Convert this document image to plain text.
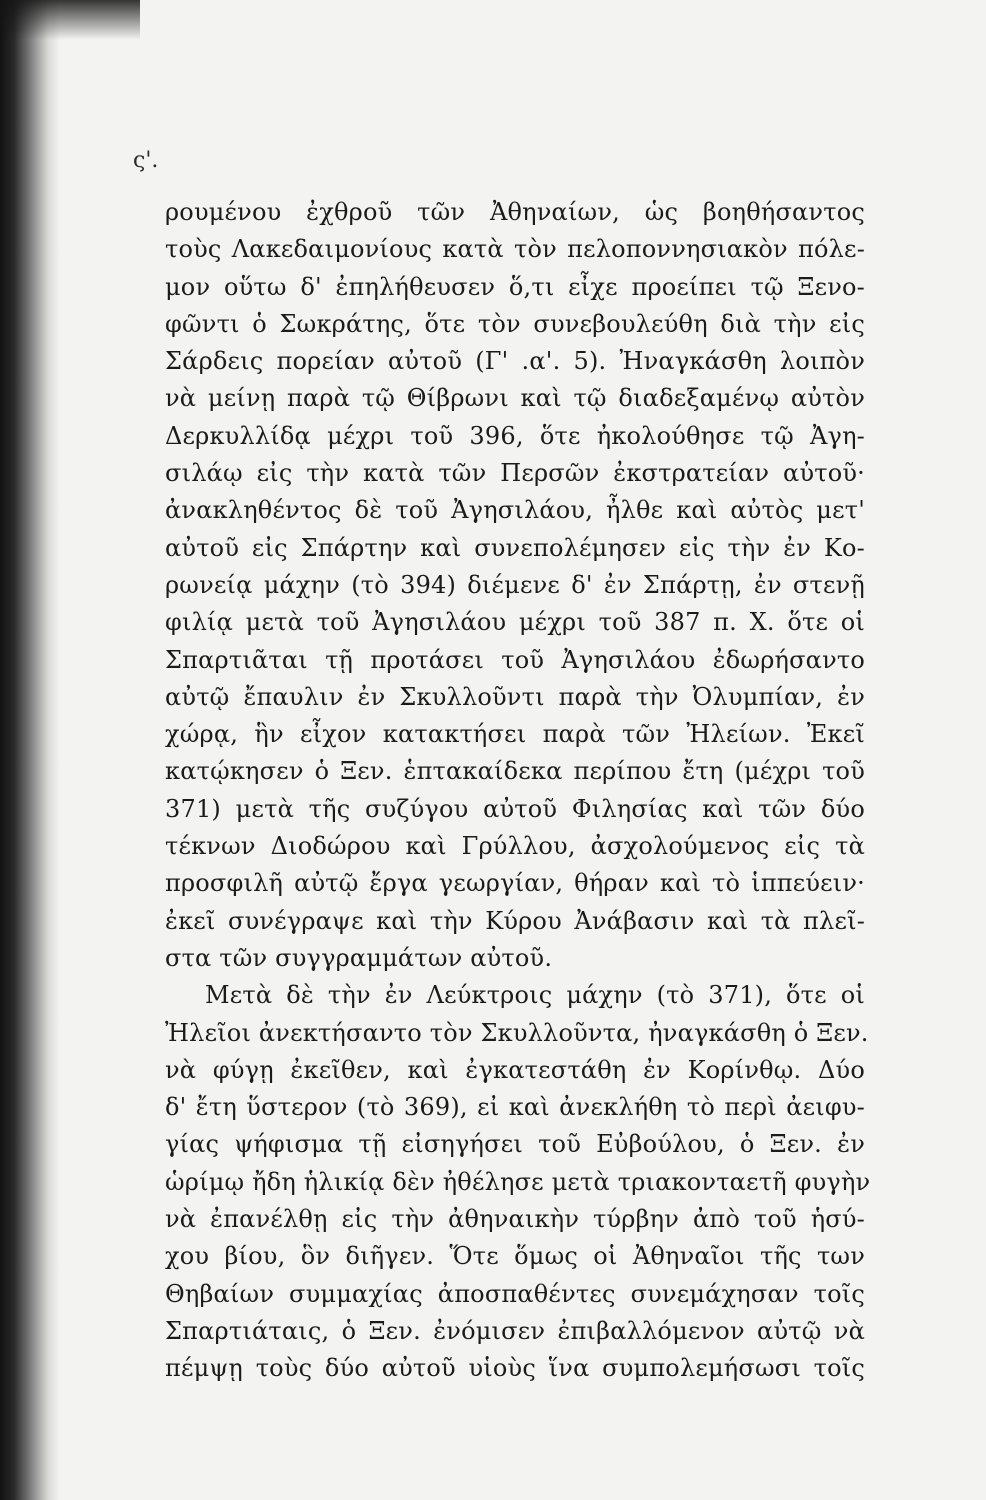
ς'.
ρουμένου ἐχθροῦ τῶν Ἀθηναίων, ὡς βοηθήσαντος
τοὺς Λακεδαιμονίους κατὰ τὸν πελοποννησιακὸν πόλε-
μον οὕτω δ' ἐπηλήθευσεν ὅ,τι εἶχε προείπει τῷ Ξενο-
φῶντι ὁ Σωκράτης, ὅτε τὸν συνεβουλεύθη διὰ τὴν εἰς
Σάρδεις πορείαν αὐτοῦ (Γ' .α'. 5). Ἠναγκάσθη λοιπὸν
νὰ μείνῃ παρὰ τῷ Θίβρωνι καὶ τῷ διαδεξαμένῳ αὐτὸν
Δερκυλλίδᾳ μέχρι τοῦ 396, ὅτε ἠκολούθησε τῷ Ἀγη-
σιλάῳ εἰς τὴν κατὰ τῶν Περσῶν ἐκστρατείαν αὐτοῦ·
ἀνακληθέντος δὲ τοῦ Ἀγησιλάου, ἦλθε καὶ αὐτὸς μετ'
αὐτοῦ εἰς Σπάρτην καὶ συνεπολέμησεν εἰς τὴν ἐν Κο-
ρωνείᾳ μάχην (τὸ 394) διέμενε δ' ἐν Σπάρτῃ, ἐν στενῇ
φιλίᾳ μετὰ τοῦ Ἀγησιλάου μέχρι τοῦ 387 π. Χ. ὅτε οἱ
Σπαρτιᾶται τῇ προτάσει τοῦ Ἀγησιλάου ἐδωρήσαντο
αὐτῷ ἔπαυλιν ἐν Σκυλλοῦντι παρὰ τὴν Ὀλυμπίαν, ἐν
χώρᾳ, ἣν εἶχον κατακτήσει παρὰ τῶν Ἠλείων. Ἐκεῖ
κατῴκησεν ὁ Ξεν. ἑπτακαίδεκα περίπου ἔτη (μέχρι τοῦ
371) μετὰ τῆς συζύγου αὐτοῦ Φιλησίας καὶ τῶν δύο
τέκνων Διοδώρου καὶ Γρύλλου, ἀσχολούμενος εἰς τὰ
προσφιλῆ αὐτῷ ἔργα γεωργίαν, θήραν καὶ τὸ ἱππεύειν·
ἐκεῖ συνέγραψε καὶ τὴν Κύρου Ἀνάβασιν καὶ τὰ πλεῖ-
στα τῶν συγγραμμάτων αὐτοῦ.
Μετὰ δὲ τὴν ἐν Λεύκτροις μάχην (τὸ 371), ὅτε οἱ
Ἠλεῖοι ἀνεκτήσαντο τὸν Σκυλλοῦντα, ἠναγκάσθη ὁ Ξεν.
νὰ φύγῃ ἐκεῖθεν, καὶ ἐγκατεστάθη ἐν Κορίνθῳ. Δύο
δ' ἔτη ὕστερον (τὸ 369), εἰ καὶ ἀνεκλήθη τὸ περὶ ἀειφυ-
γίας ψήφισμα τῇ εἰσηγήσει τοῦ Εὐβούλου, ὁ Ξεν. ἐν
ὡρίμῳ ἤδη ἡλικίᾳ δὲν ἠθέλησε μετὰ τριακονταετῆ φυγὴν
νὰ ἐπανέλθῃ εἰς τὴν ἀθηναικὴν τύρβην ἀπὸ τοῦ ἡσύ-
χου βίου, ὃν διῆγεν. Ὅτε ὅμως οἱ Ἀθηναῖοι τῆς των
Θηβαίων συμμαχίας ἀποσπαθέντες συνεμάχησαν τοῖς
Σπαρτιάταις, ὁ Ξεν. ἐνόμισεν ἐπιβαλλόμενον αὐτῷ νὰ
πέμψῃ τοὺς δύο αὐτοῦ υἱοὺς ἵνα συμπολεμήσωσι τοῖς
